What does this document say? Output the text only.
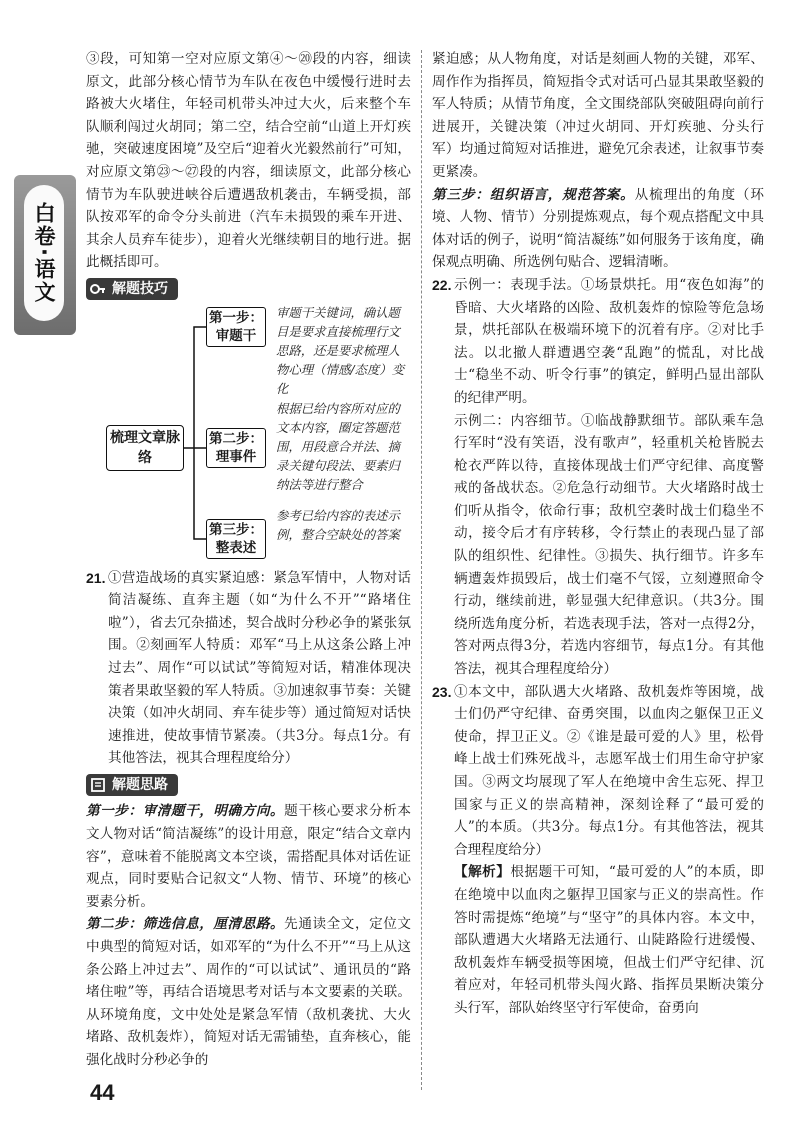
白卷·语文

③段，可知第一空对应原文第④～⑳段的内容，细读原文，此部分核心情节为车队在夜色中缓慢行进时去路被大火堵住，年轻司机带头冲过大火，后来整个车队顺利闯过火胡同；第二空，结合空前“山道上开灯疾驰，突破速度困境”及空后“迎着火光毅然前行”可知，对应原文第㉓～㉗段的内容，细读原文，此部分核心情节为车队驶进峡谷后遭遇敌机袭击，车辆受损，部队按邓军的命令分头前进（汽车未损毁的乘车开进、其余人员弃车徒步），迎着火光继续朝目的地行进。据此概括即可。

解题技巧
梳理文章脉络
第一步：审题干
审题干关键词，确认题目是要求直接梳理行文思路，还是要求梳理人物心理（情感/态度）变化
第二步：理事件
根据已给内容所对应的文本内容，圈定答题范围，用段意合并法、摘录关键句段法、要素归纳法等进行整合
第三步：整表述
参考已给内容的表述示例，整合空缺处的答案
21. ①营造战场的真实紧迫感：紧急军情中，人物对话简洁凝练、直奔主题（如“为什么不开”“路堵住啦”），省去冗杂描述，契合战时分秒必争的紧张氛围。②刻画军人特质：邓军“马上从这条公路上冲过去”、周作“可以试试”等简短对话，精准体现决策者果敢坚毅的军人特质。③加速叙事节奏：关键决策（如冲火胡同、弃车徒步等）通过简短对话快速推进，使故事情节紧凑。（共3分。每点1分。有其他答法，视其合理程度给分）

解题思路

第一步：审清题干，明确方向。题干核心要求分析本文人物对话“简洁凝练”的设计用意，限定“结合文章内容”，意味着不能脱离文本空谈，需搭配具体对话佐证观点，同时要贴合记叙文“人物、情节、环境”的核心要素分析。

第二步：筛选信息，厘清思路。先通读全文，定位文中典型的简短对话，如邓军的“为什么不开”“马上从这条公路上冲过去”、周作的“可以试试”、通讯员的“路堵住啦”等，再结合语境思考对话与本文要素的关联。从环境角度，文中处处是紧急军情（敌机袭扰、大火堵路、敌机轰炸），简短对话无需铺垫，直奔核心，能强化战时分秒必争的

紧迫感；从人物角度，对话是刻画人物的关键，邓军、周作作为指挥员，简短指令式对话可凸显其果敢坚毅的军人特质；从情节角度，全文围绕部队突破阻碍向前行进展开，关键决策（冲过火胡同、开灯疾驰、分头行军）均通过简短对话推进，避免冗余表述，让叙事节奏更紧凑。

第三步：组织语言，规范答案。从梳理出的角度（环境、人物、情节）分别提炼观点，每个观点搭配文中具体对话的例子，说明“简洁凝练”如何服务于该角度，确保观点明确、所选例句贴合、逻辑清晰。

22. 示例一：表现手法。①场景烘托。用“夜色如海”的昏暗、大火堵路的凶险、敌机轰炸的惊险等危急场景，烘托部队在极端环境下的沉着有序。②对比手法。以北撤人群遭遇空袭“乱跑”的慌乱，对比战士“稳坐不动、听令行事”的镇定，鲜明凸显出部队的纪律严明。

示例二：内容细节。①临战静默细节。部队乘车急行军时“没有笑语，没有歌声”，轻重机关枪皆脱去枪衣严阵以待，直接体现战士们严守纪律、高度警戒的备战状态。②危急行动细节。大火堵路时战士们听从指令，依命行事；敌机空袭时战士们稳坐不动，接令后才有序转移，令行禁止的表现凸显了部队的组织性、纪律性。③损失、执行细节。许多车辆遭轰炸损毁后，战士们毫不气馁，立刻遵照命令行动，继续前进，彰显强大纪律意识。（共3分。围绕所选角度分析，若选表现手法，答对一点得2分，答对两点得3分，若选内容细节，每点1分。有其他答法，视其合理程度给分）

23. ①本文中，部队遇大火堵路、敌机轰炸等困境，战士们仍严守纪律、奋勇突围，以血肉之躯保卫正义使命，捍卫正义。②《谁是最可爱的人》里，松骨峰上战士们殊死战斗，志愿军战士们用生命守护家国。③两文均展现了军人在绝境中舍生忘死、捍卫国家与正义的崇高精神，深刻诠释了“最可爱的人”的本质。（共3分。每点1分。有其他答法，视其合理程度给分）

【解析】根据题干可知，“最可爱的人”的本质，即在绝境中以血肉之躯捍卫国家与正义的崇高性。作答时需提炼“绝境”与“坚守”的具体内容。本文中，部队遭遇大火堵路无法通行、山陡路险行进缓慢、敌机轰炸车辆受损等困境，但战士们严守纪律、沉着应对，年轻司机带头闯火路、指挥员果断决策分头行军，部队始终坚守行军使命，奋勇向

44
